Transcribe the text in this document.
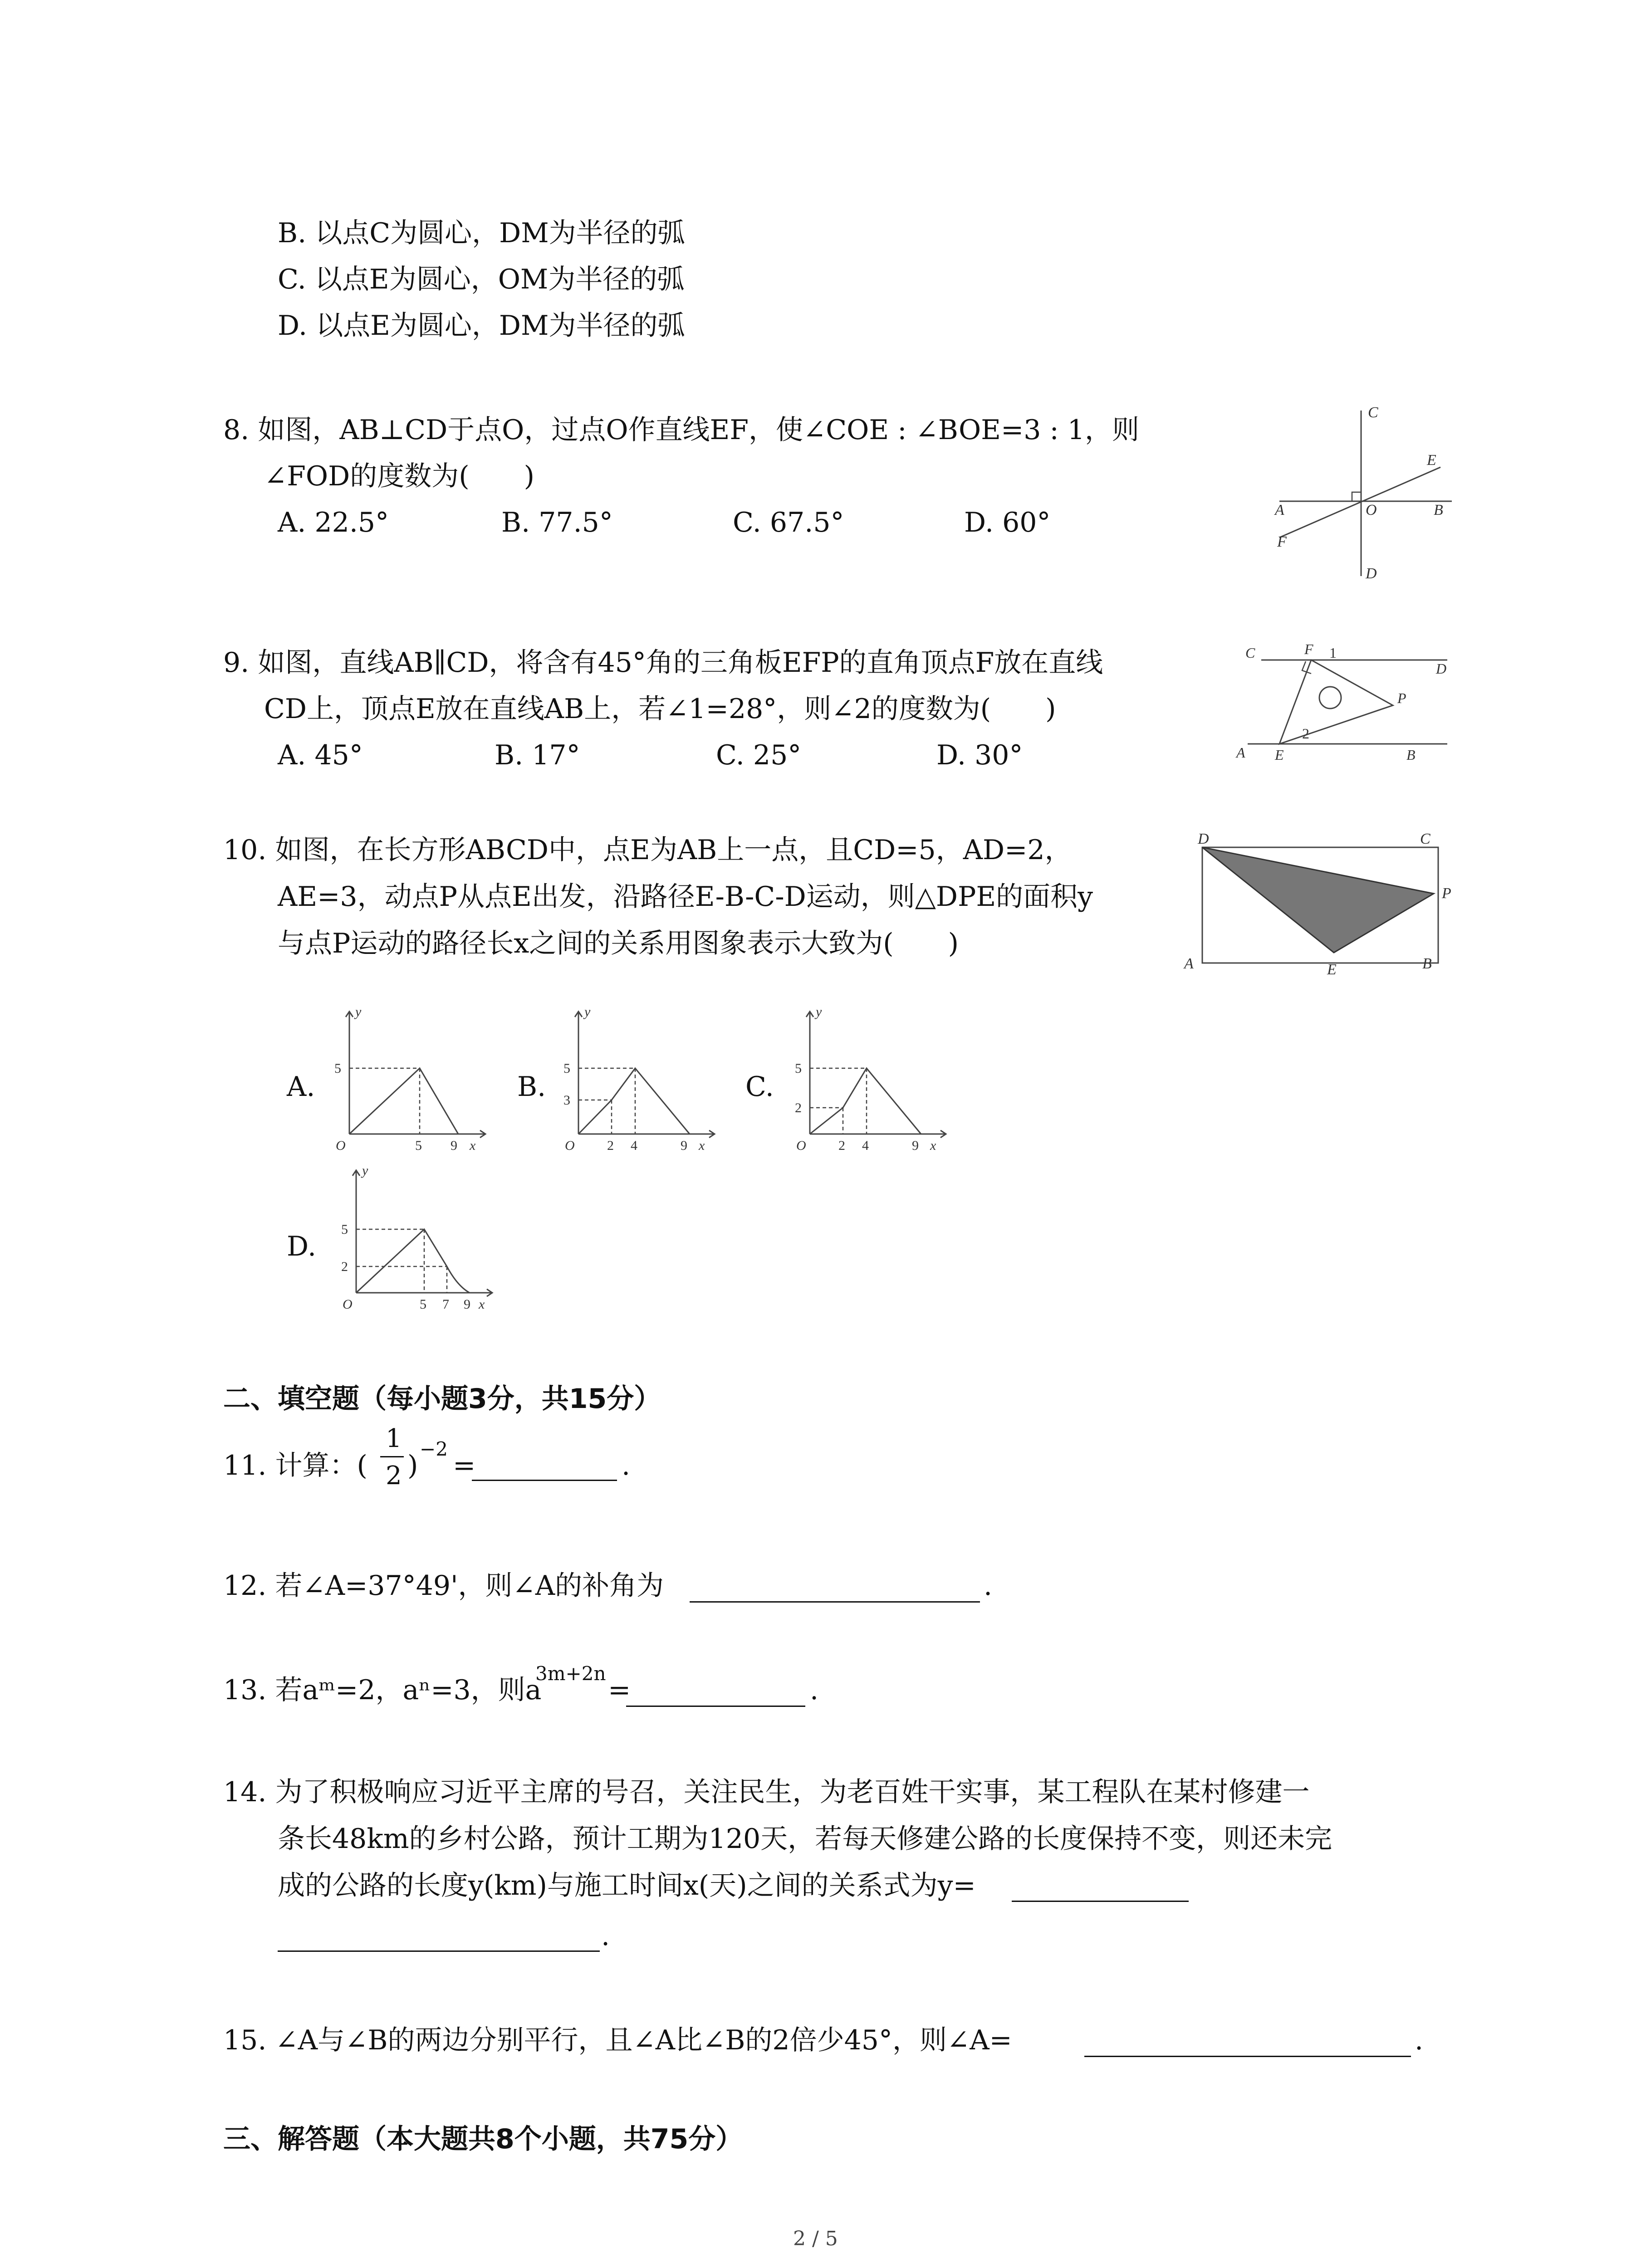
B. 以点C为圆心，DM为半径的弧
C. 以点E为圆心，OM为半径的弧
D. 以点E为圆心，DM为半径的弧
8. 如图，AB⊥CD于点O，过点O作直线EF，使∠COE : ∠BOE=3 : 1，则
∠FOD的度数为(　　)
A. 22.5°	B. 77.5°	C. 67.5°	D. 60°
C
E
A	O	B
F
D
9. 如图，直线AB∥CD，将含有45°角的三角板EFP的直角顶点F放在直线
CD上，顶点E放在直线AB上，若∠1=28°，则∠2的度数为(　　)
A. 45°	B. 17°	C. 25°	D. 30°
C	F 1
D
P
2
A E	B
10. 如图，在长方形ABCD中，点E为AB上一点，且CD=5，AD=2，
AE=3，动点P从点E出发，沿路径E-B-C-D运动，则△DPE的面积y
与点P运动的路径长x之间的关系用图象表示大致为(　　)
D	C
P
A	E	B
A.
5
5 9
O	x
y
B.
5
3
2 4	9
O	x
y
C.
5
2
2 4	9
O	x
y
D.
5
2
5 7 9
O	x
y
二、填空题（每小题3分，共15分）
11. 计算：(
1
2 )
−2
=	.
12. 若∠A=37°49'，则∠A的补角为	.
13. 若aᵐ=2，aⁿ=3，则a
3m+2n
=	.
14. 为了积极响应习近平主席的号召，关注民生，为老百姓干实事，某工程队在某村修建一
条长48km的乡村公路，预计工期为120天，若每天修建公路的长度保持不变，则还未完
成的公路的长度y(km)与施工时间x(天)之间的关系式为y=
.
15. ∠A与∠B的两边分别平行，且∠A比∠B的2倍少45°，则∠A=	.
三、解答题（本大题共8个小题，共75分）
2 / 5
